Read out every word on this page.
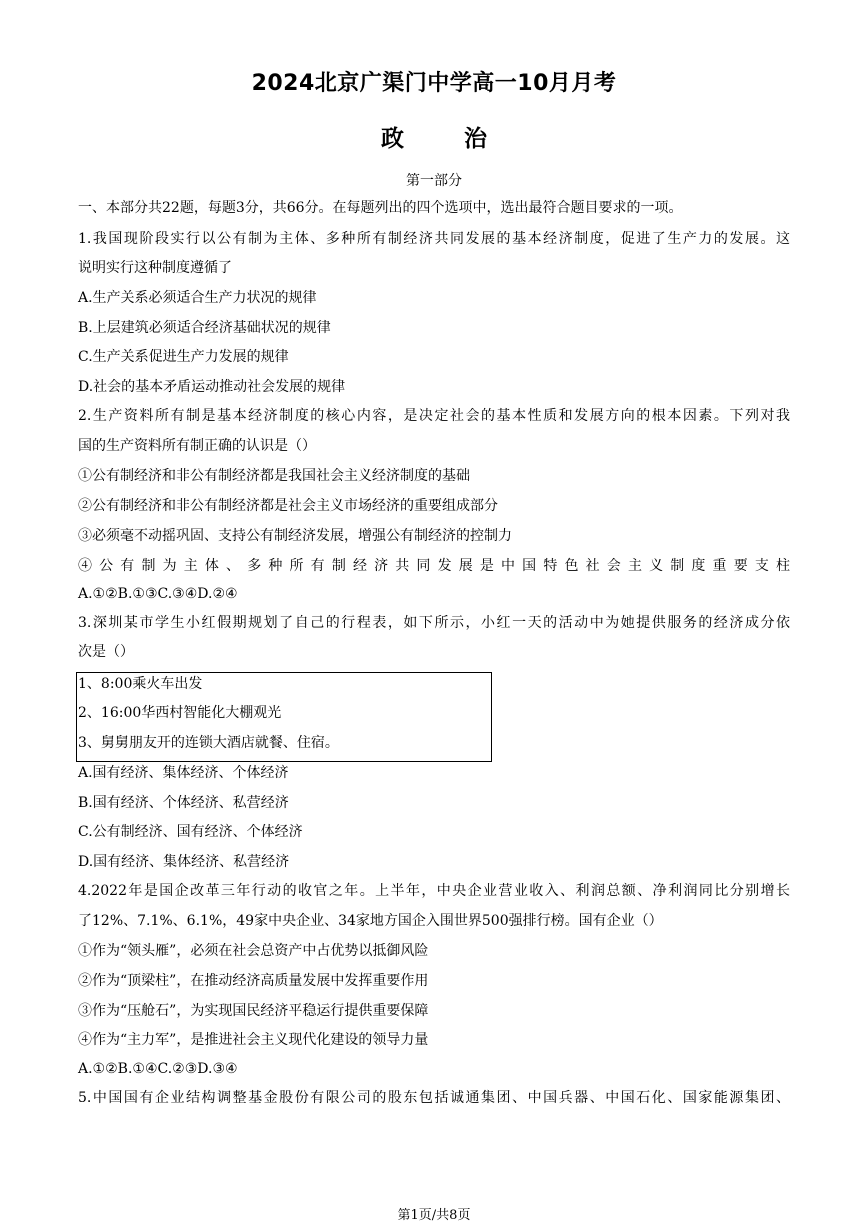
2024北京广渠门中学高一10月月考
政治
第一部分
一、本部分共22题，每题3分，共66分。在每题列出的四个选项中，选出最符合题目要求的一项。
1.我国现阶段实行以公有制为主体、多种所有制经济共同发展的基本经济制度，促进了生产力的发展。这
说明实行这种制度遵循了
A.生产关系必须适合生产力状况的规律
B.上层建筑必须适合经济基础状况的规律
C.生产关系促进生产力发展的规律
D.社会的基本矛盾运动推动社会发展的规律
2.生产资料所有制是基本经济制度的核心内容，是决定社会的基本性质和发展方向的根本因素。下列对我
国的生产资料所有制正确的认识是（）
①公有制经济和非公有制经济都是我国社会主义经济制度的基础
②公有制经济和非公有制经济都是社会主义市场经济的重要组成部分
③必须毫不动摇巩固、支持公有制经济发展，增强公有制经济的控制力
④公有制为主体、多种所有制经济共同发展是中国特色社会主义制度重要支柱
A.①②B.①③C.③④D.②④
3.深圳某市学生小红假期规划了自己的行程表，如下所示，小红一天的活动中为她提供服务的经济成分依
次是（）
1、8:00乘火车出发
2、16:00华西村智能化大棚观光
3、舅舅朋友开的连锁大酒店就餐、住宿。
A.国有经济、集体经济、个体经济
B.国有经济、个体经济、私营经济
C.公有制经济、国有经济、个体经济
D.国有经济、集体经济、私营经济
4.2022年是国企改革三年行动的收官之年。上半年，中央企业营业收入、利润总额、净利润同比分别增长
了12%、7.1%、6.1%，49家中央企业、34家地方国企入围世界500强排行榜。国有企业（）
①作为“领头雁”，必须在社会总资产中占优势以抵御风险
②作为“顶梁柱”，在推动经济高质量发展中发挥重要作用
③作为“压舱石”，为实现国民经济平稳运行提供重要保障
④作为“主力军”，是推进社会主义现代化建设的领导力量
A.①②B.①④C.②③D.③④
5.中国国有企业结构调整基金股份有限公司的股东包括诚通集团、中国兵器、中国石化、国家能源集团、
第1页/共8页
